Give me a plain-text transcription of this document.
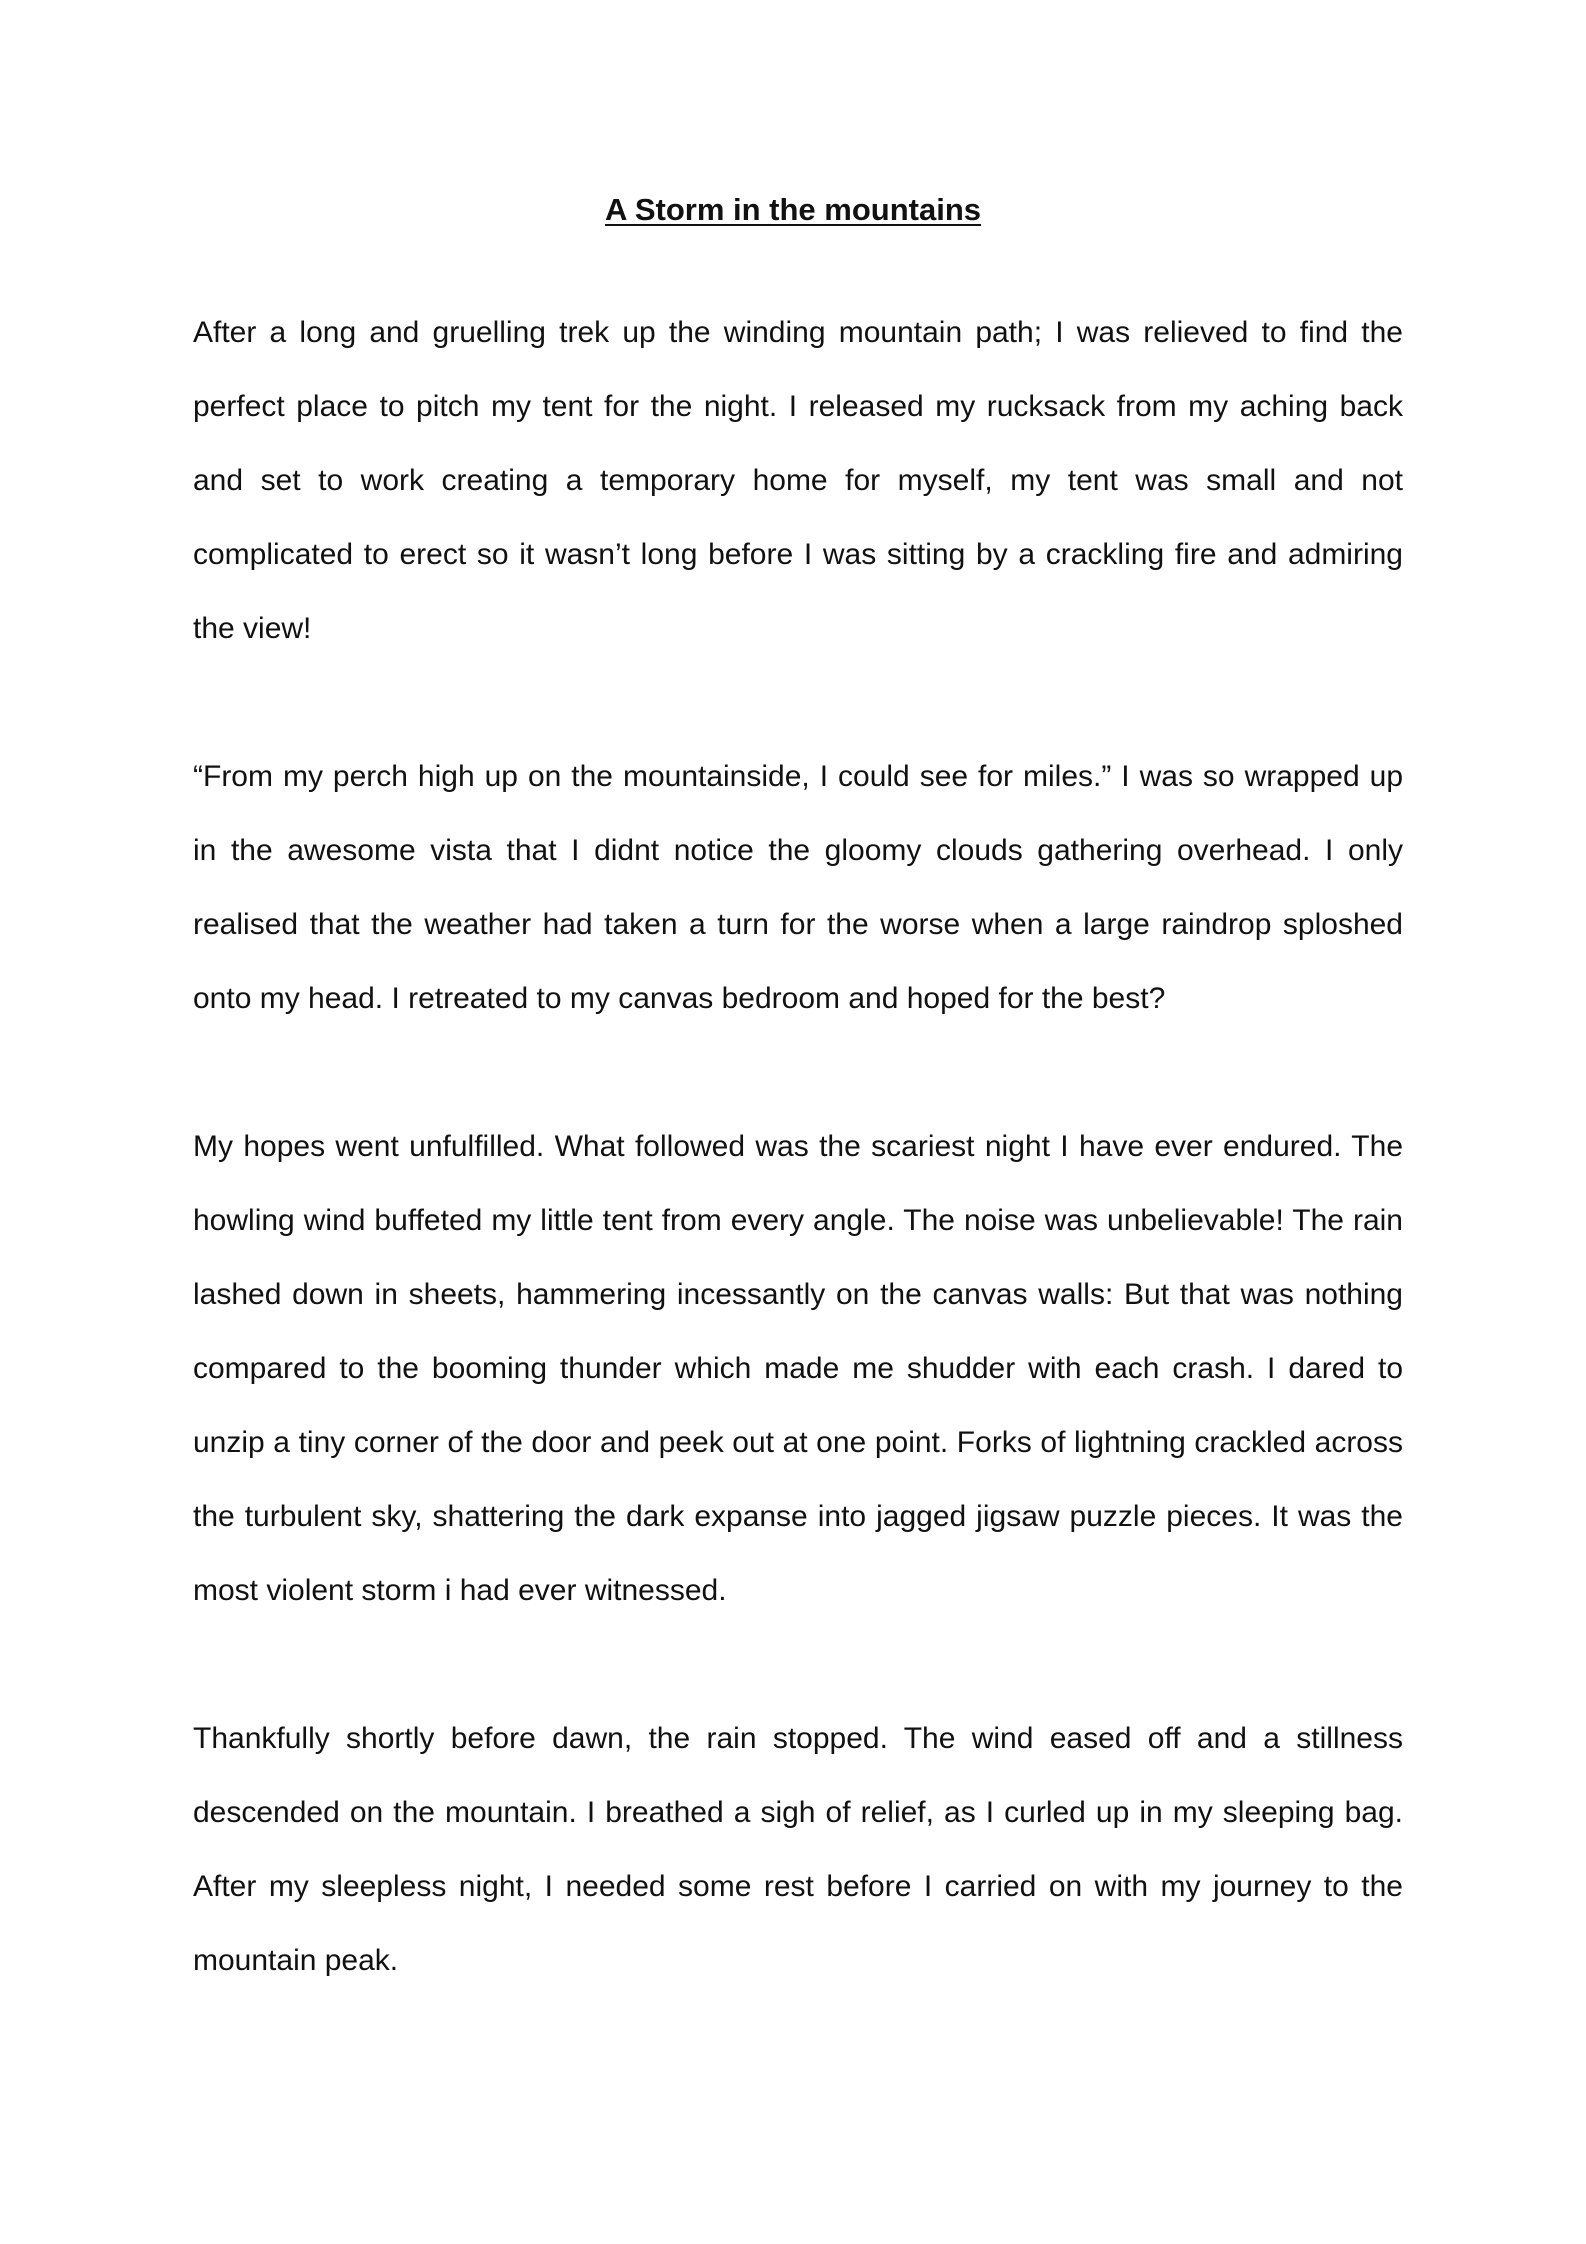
A Storm in the mountains

After a long and gruelling trek up the winding mountain path; I was relieved to find the perfect place to pitch my tent for the night. I released my rucksack from my aching back and set to work creating a temporary home for myself, my tent was small and not complicated to erect so it wasn’t long before I was sitting by a crackling fire and admiring the view!

“From my perch high up on the mountainside, I could see for miles.” I was so wrapped up in the awesome vista that I didnt notice the gloomy clouds gathering overhead. I only realised that the weather had taken a turn for the worse when a large raindrop sploshed onto my head. I retreated to my canvas bedroom and hoped for the best?

My hopes went unfulfilled. What followed was the scariest night I have ever endured. The howling wind buffeted my little tent from every angle. The noise was unbelievable! The rain lashed down in sheets, hammering incessantly on the canvas walls: But that was nothing compared to the booming thunder which made me shudder with each crash. I dared to unzip a tiny corner of the door and peek out at one point. Forks of lightning crackled across the turbulent sky, shattering the dark expanse into jagged jigsaw puzzle pieces. It was the most violent storm i had ever witnessed.

Thankfully shortly before dawn, the rain stopped. The wind eased off and a stillness descended on the mountain. I breathed a sigh of relief, as I curled up in my sleeping bag. After my sleepless night, I needed some rest before I carried on with my journey to the mountain peak.
